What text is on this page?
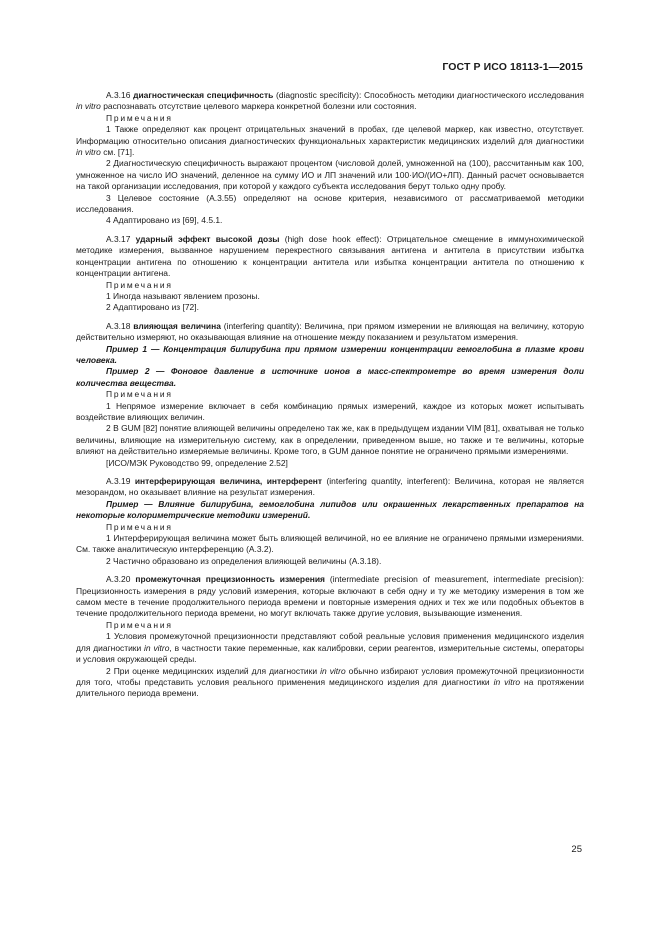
ГОСТ Р ИСО 18113-1—2015

А.3.16 диагностическая специфичность (diagnostic specificity): Способность методики диагностического исследования in vitro распознавать отсутствие целевого маркера конкретной болезни или состояния.

Примечания

1 Также определяют как процент отрицательных значений в пробах, где целевой маркер, как известно, отсутствует. Информацию относительно описания диагностических функциональных характеристик медицинских изделий для диагностики in vitro см. [71].

2 Диагностическую специфичность выражают процентом (числовой долей, умноженной на (100), рассчитанным как 100, умноженное на число ИО значений, деленное на сумму ИО и ЛП значений или 100·ИО/(ИО+ЛП). Данный расчет основывается на такой организации исследования, при которой у каждого субъекта исследования берут только одну пробу.

3 Целевое состояние (А.3.55) определяют на основе критерия, независимого от рассматриваемой методики исследования.

4 Адаптировано из [69], 4.5.1.

А.3.17 ударный эффект высокой дозы (high dose hook effect): Отрицательное смещение в иммунохимической методике измерения, вызванное нарушением перекрестного связывания антигена и антитела в присутствии избытка концентрации антигена по отношению к концентрации антитела или избытка концентрации антитела по отношению к концентрации антигена.

Примечания

1 Иногда называют явлением прозоны.

2 Адаптировано из [72].

А.3.18 влияющая величина (interfering quantity): Величина, при прямом измерении не влияющая на величину, которую действительно измеряют, но оказывающая влияние на отношение между показанием и результатом измерения.

Пример 1 — Концентрация билирубина при прямом измерении концентрации гемоглобина в плазме крови человека.

Пример 2 — Фоновое давление в источнике ионов в масс-спектрометре во время измерения доли количества вещества.

Примечания

1 Непрямое измерение включает в себя комбинацию прямых измерений, каждое из которых может испытывать воздействие влияющих величин.

2 В GUM [82] понятие влияющей величины определено так же, как в предыдущем издании VIM [81], охватывая не только величины, влияющие на измерительную систему, как в определении, приведенном выше, но также и те величины, которые влияют на действительно измеряемые величины. Кроме того, в GUM данное понятие не ограничено прямыми измерениями.

[ИСО/МЭК Руководство 99, определение 2.52]

А.3.19 интерферирующая величина, интерферент (interfering quantity, interferent): Величина, которая не является мезорандом, но оказывает влияние на результат измерения.

Пример — Влияние билирубина, гемоглобина липидов или окрашенных лекарственных препаратов на некоторые колориметрические методики измерений.

Примечания

1 Интерферирующая величина может быть влияющей величиной, но ее влияние не ограничено прямыми измерениями. См. также аналитическую интерференцию (А.3.2).

2 Частично образовано из определения влияющей величины (А.3.18).

А.3.20 промежуточная прецизионность измерения (intermediate precision of measurement, intermediate precision): Прецизионность измерения в ряду условий измерения, которые включают в себя одну и ту же методику измерения в том же самом месте в течение продолжительного периода времени и повторные измерения одних и тех же или подобных объектов в течение продолжительного периода времени, но могут включать также другие условия, вызывающие изменения.

Примечания

1 Условия промежуточной прецизионности представляют собой реальные условия применения медицинского изделия для диагностики in vitro, в частности такие переменные, как калибровки, серии реагентов, измерительные системы, операторы и условия окружающей среды.

2 При оценке медицинских изделий для диагностики in vitro обычно избирают условия промежуточной прецизионности для того, чтобы представить условия реального применения медицинского изделия для диагностики in vitro на протяжении длительного периода времени.

25
